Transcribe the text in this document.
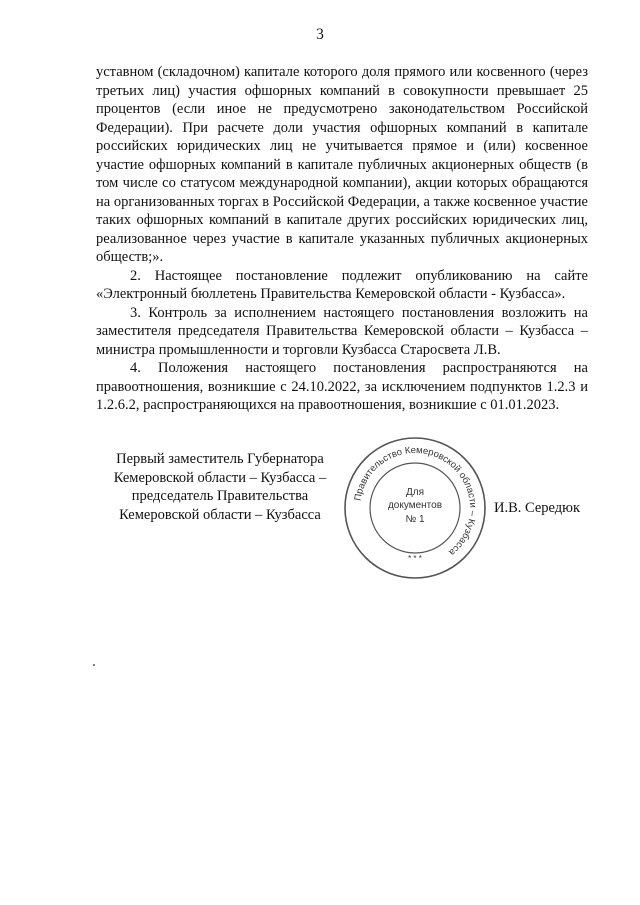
3

уставном (складочном) капитале которого доля прямого или косвенного (через третьих лиц) участия офшорных компаний в совокупности превышает 25 процентов (если иное не предусмотрено законодательством Российской Федерации). При расчете доли участия офшорных компаний в капитале российских юридических лиц не учитывается прямое и (или) косвенное участие офшорных компаний в капитале публичных акционерных обществ (в том числе со статусом международной компании), акции которых обращаются на организованных торгах в Российской Федерации, а также косвенное участие таких офшорных компаний в капитале других российских юридических лиц, реализованное через участие в капитале указанных публичных акционерных обществ;».

2. Настоящее постановление подлежит опубликованию на сайте «Электронный бюллетень Правительства Кемеровской области - Кузбасса».

3. Контроль за исполнением настоящего постановления возложить на заместителя председателя Правительства Кемеровской области – Кузбасса – министра промышленности и торговли Кузбасса Старосвета Л.В.

4. Положения настоящего постановления распространяются на правоотношения, возникшие с 24.10.2022, за исключением подпунктов 1.2.3 и 1.2.6.2, распространяющихся на правоотношения, возникшие с 01.01.2023.

Первый заместитель Губернатора
Кемеровской области – Кузбасса –
председатель Правительства
Кемеровской области – Кузбасса
Правительство Кемеровской области – Кузбасса
* * *
Для
документов
№ 1
И.В. Середюк
